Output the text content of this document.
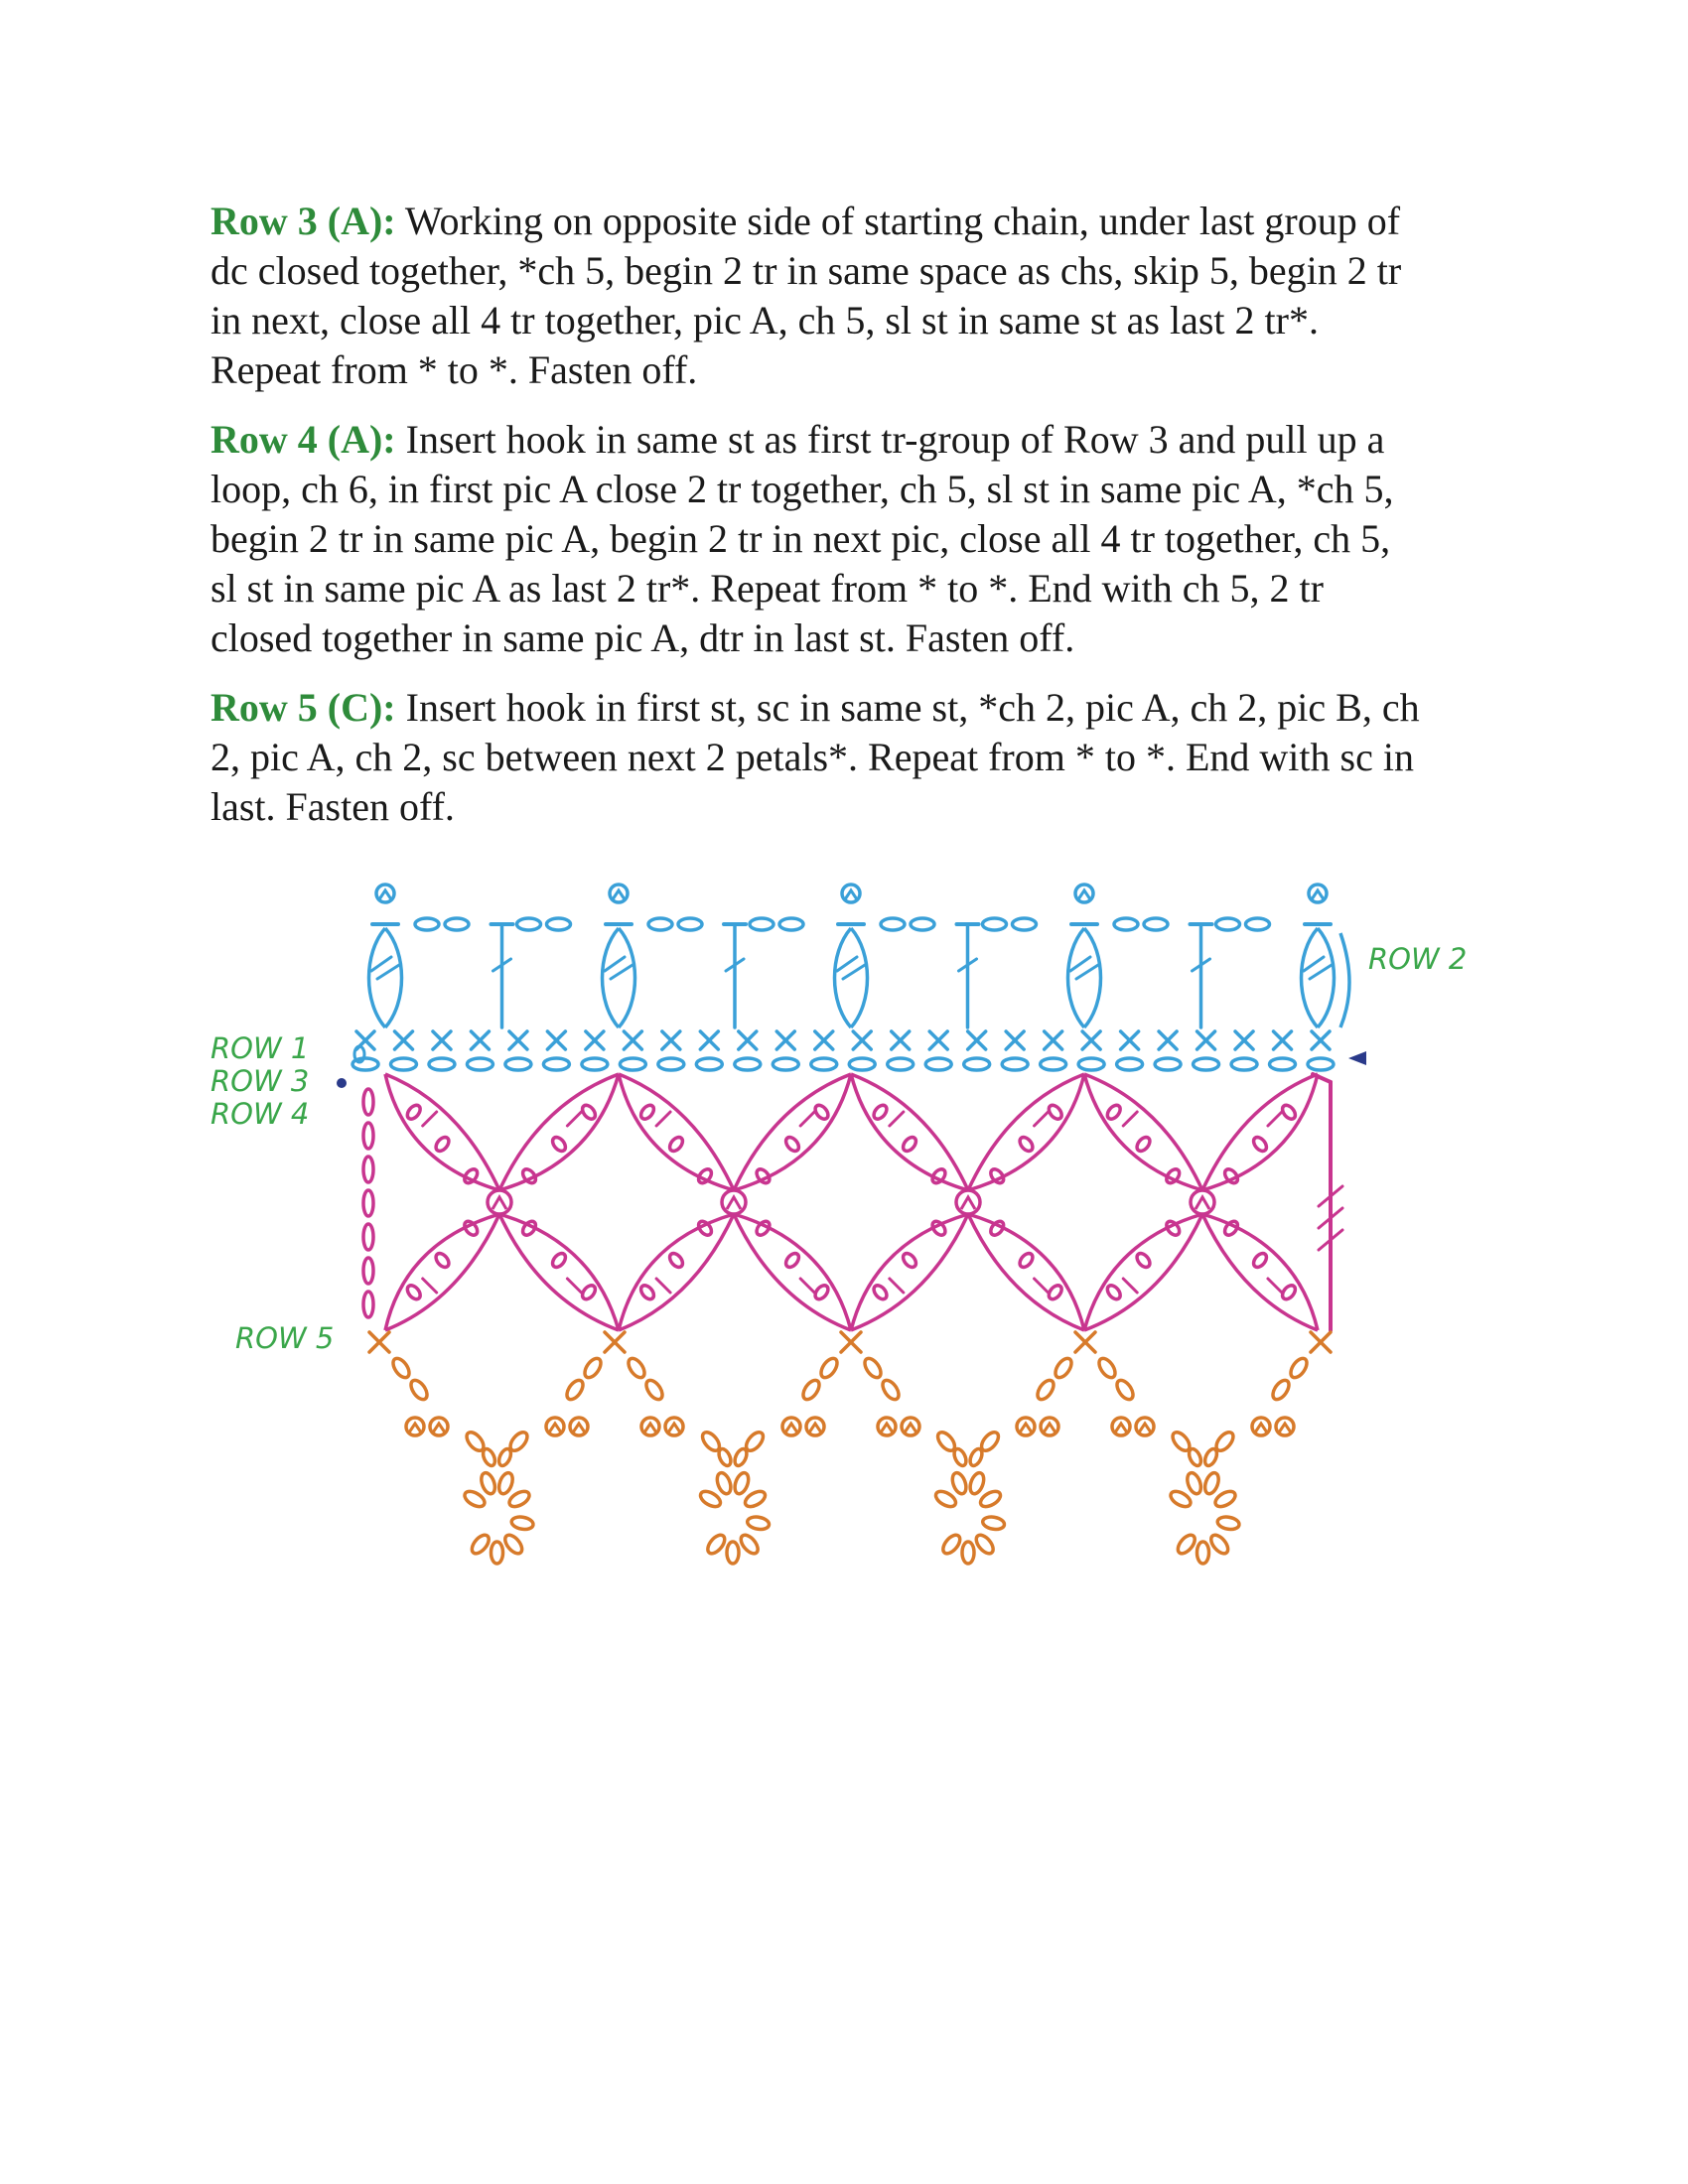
Row 3 (A): Working on opposite side of starting chain, under last group of
dc closed together, *ch 5, begin 2 tr in same space as chs, skip 5, begin 2 tr
in next, close all 4 tr together, pic A, ch 5, sl st in same st as last 2 tr*.
Repeat from * to *. Fasten off.

Row 4 (A): Insert hook in same st as first tr-group of Row 3 and pull up a
loop, ch 6, in first pic A close 2 tr together, ch 5, sl st in same pic A, *ch 5,
begin 2 tr in same pic A, begin 2 tr in next pic, close all 4 tr together, ch 5,
sl st in same pic A as last 2 tr*. Repeat from * to *. End with ch 5, 2 tr
closed together in same pic A, dtr in last st. Fasten off.

Row 5 (C): Insert hook in first st, sc in same st, *ch 2, pic A, ch 2, pic B, ch
2, pic A, ch 2, sc between next 2 petals*. Repeat from * to *. End with sc in
last. Fasten off.

ROW 1
ROW 3
ROW 4
ROW 2
ROW 5
